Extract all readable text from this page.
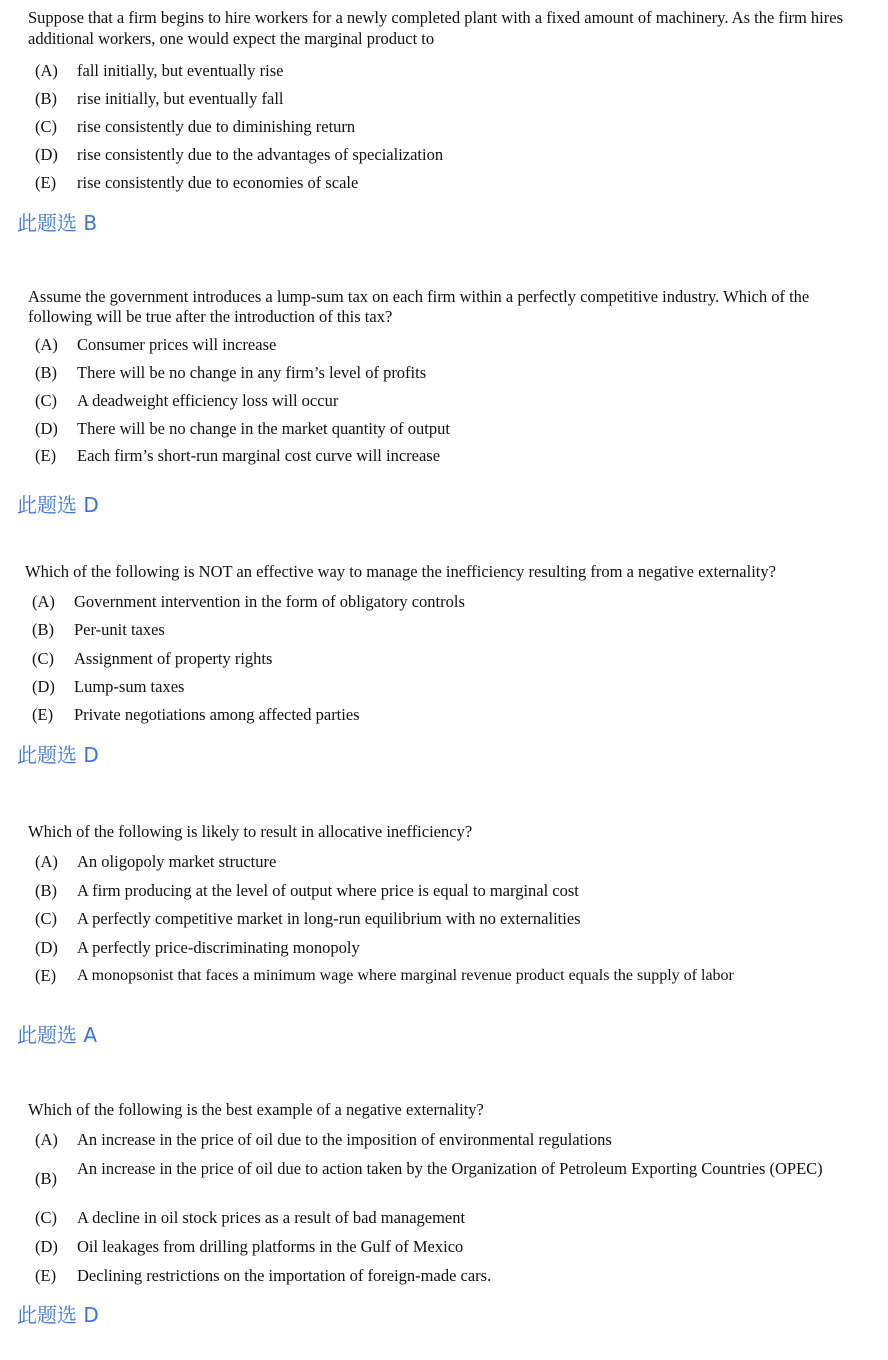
Suppose that a firm begins to hire workers for a newly completed plant with a fixed amount of machinery. As the firm hires additional workers, one would expect the marginal product to
(A)	fall initially, but eventually rise
(B)	rise initially, but eventually fall
(C)	rise consistently due to diminishing return
(D)	rise consistently due to the advantages of specialization
(E)	rise consistently due to economies of scale
此题选 B
Assume the government introduces a lump-sum tax on each firm within a perfectly competitive industry. Which of the following will be true after the introduction of this tax?
(A)	Consumer prices will increase
(B)	There will be no change in any firm’s level of profits
(C)	A deadweight efficiency loss will occur
(D)	There will be no change in the market quantity of output
(E)	Each firm’s short-run marginal cost curve will increase
此题选 D
Which of the following is NOT an effective way to manage the inefficiency resulting from a negative externality?
(A)	Government intervention in the form of obligatory controls
(B)	Per-unit taxes
(C)	Assignment of property rights
(D)	Lump-sum taxes
(E)	Private negotiations among affected parties
此题选 D
Which of the following is likely to result in allocative inefficiency?
(A)	An oligopoly market structure
(B)	A firm producing at the level of output where price is equal to marginal cost
(C)	A perfectly competitive market in long-run equilibrium with no externalities
(D)	A perfectly price-discriminating monopoly
(E)	A monopsonist that faces a minimum wage where marginal revenue product equals the supply of labor
此题选 A
Which of the following is the best example of a negative externality?
(A)	An increase in the price of oil due to the imposition of environmental regulations
(B)
An increase in the price of oil due to action taken by the Organization of Petroleum Exporting Countries (OPEC)
(C)	A decline in oil stock prices as a result of bad management
(D)	Oil leakages from drilling platforms in the Gulf of Mexico
(E)	Declining restrictions on the importation of foreign-made cars.
此题选 D
